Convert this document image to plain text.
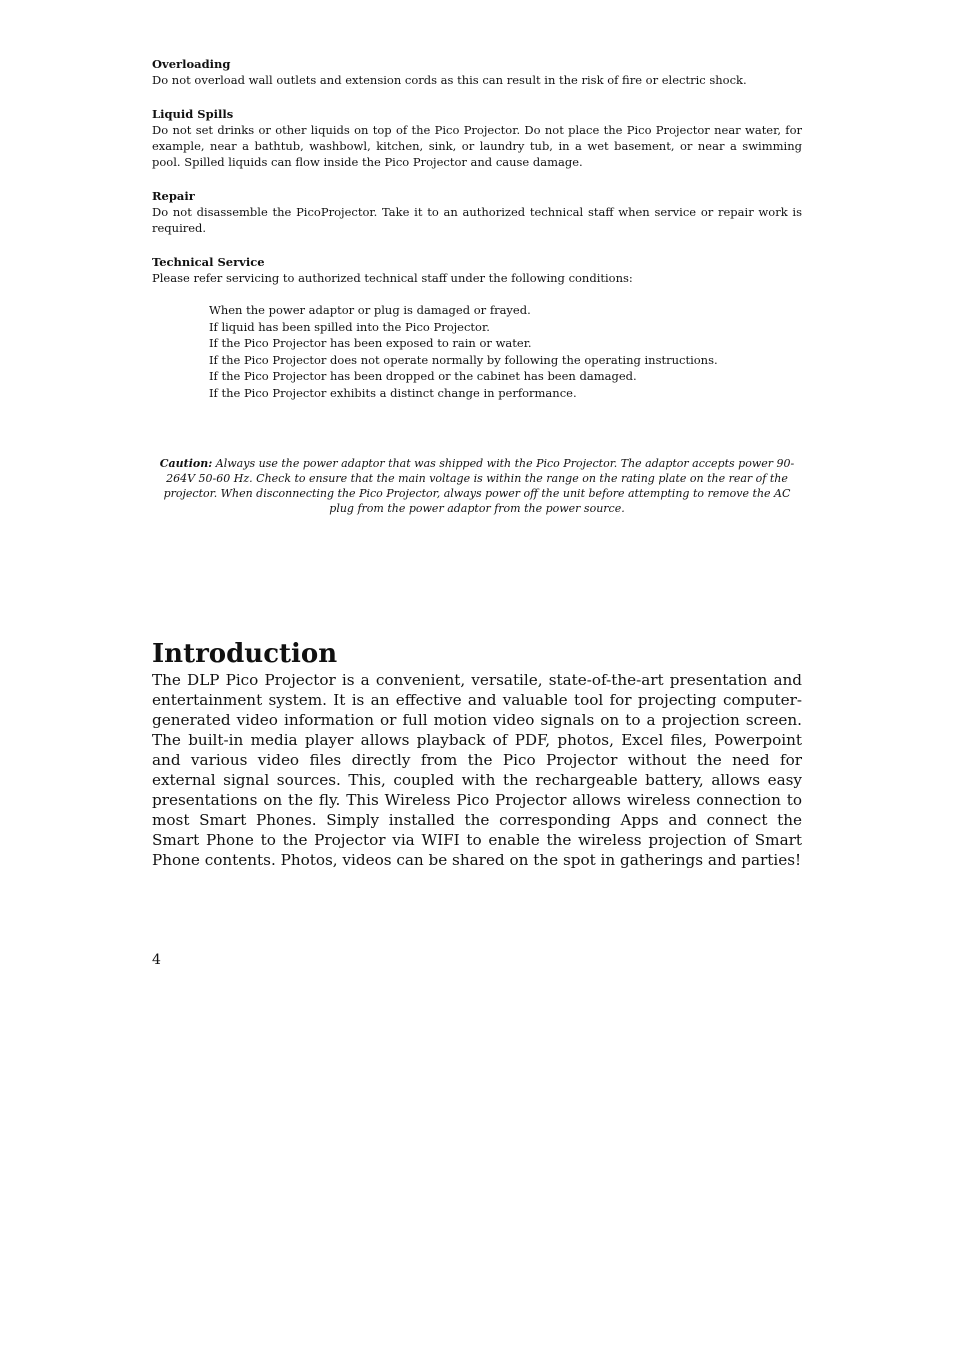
Overloading

Do not overload wall outlets and extension cords as this can result in the risk of fire or electric shock.

Liquid Spills

Do not set drinks or other liquids on top of the Pico Projector. Do not place the Pico Projector near water, for example, near a bathtub, washbowl, kitchen, sink, or laundry tub, in a wet basement, or near a swimming pool. Spilled liquids can flow inside the Pico Projector and cause damage.

Repair

Do not disassemble the PicoProjector. Take it to an authorized technical staff when service or repair work is required.

Technical Service

Please refer servicing to authorized technical staff under the following conditions:

When the power adaptor or plug is damaged or frayed.
If liquid has been spilled into the Pico Projector.
If the Pico Projector has been exposed to rain or water.
If the Pico Projector does not operate normally by following the operating instructions.
If the Pico Projector has been dropped or the cabinet has been damaged.
If the Pico Projector exhibits a distinct change in performance.
Caution: Always use the power adaptor that was shipped with the Pico Projector. The adaptor accepts power 90-264V 50-60 Hz. Check to ensure that the main voltage is within the range on the rating plate on the rear of the projector. When disconnecting the Pico Projector, always power off the unit before attempting to remove the AC plug from the power adaptor from the power source.
Introduction
The DLP Pico Projector is a convenient, versatile, state-of-the-art presentation and entertainment system. It is an effective and valuable tool for projecting computer-generated video information or full motion video signals on to a projection screen. The built-in media player allows playback of PDF, photos, Excel files, Powerpoint and various video files directly from the Pico Projector without the need for external signal sources. This, coupled with the rechargeable battery, allows easy presentations on the fly. This Wireless Pico Projector allows wireless connection to most Smart Phones. Simply installed the corresponding Apps and connect the Smart Phone to the Projector via WIFI to enable the wireless projection of Smart Phone contents. Photos, videos can be shared on the spot in gatherings and parties!
4
